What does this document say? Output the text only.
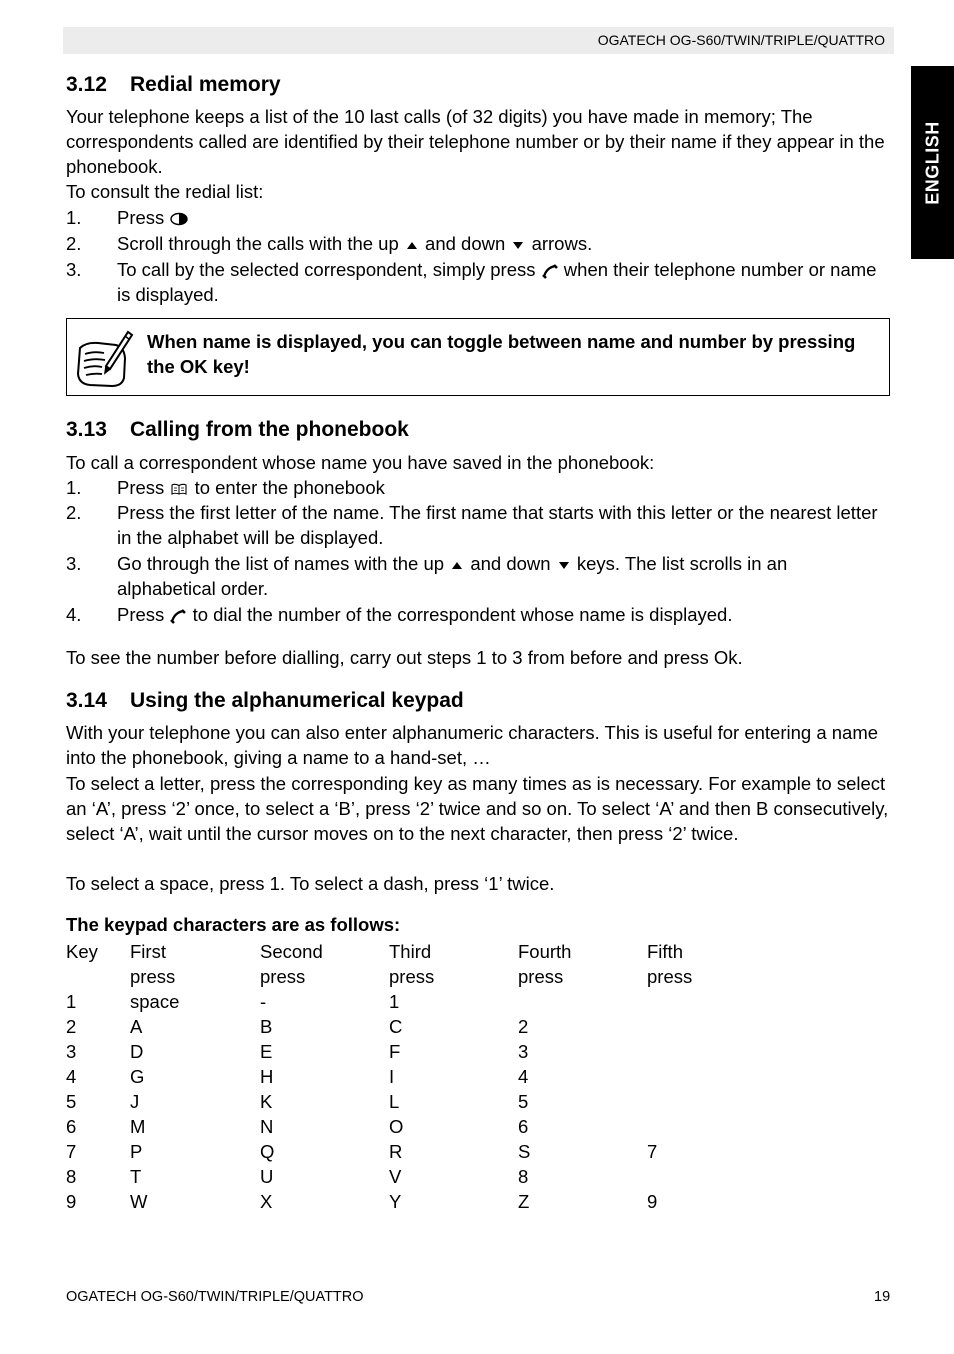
OGATECH OG-S60/TWIN/TRIPLE/QUATTRO
ENGLISH
3.12 Redial memory

Your telephone keeps a list of the 10 last calls (of 32 digits) you have made in memory; The correspondents called are identified by their telephone number or by their name if they appear in the phonebook.

To consult the redial list:

1. Press
2. Scroll through the calls with the up and down arrows.
3. To call by the selected correspondent, simply press when their telephone number or name is displayed.
3.13 Calling from the phonebook

To call a correspondent whose name you have saved in the phonebook:

1. Press to enter the phonebook
2. Press the first letter of the name. The first name that starts with this letter or the nearest letter in the alphabet will be displayed.
3. Go through the list of names with the up and down keys. The list scrolls in an alphabetical order.
4. Press to dial the number of the correspondent whose name is displayed.

To see the number before dialling, carry out steps 1 to 3 from before and press Ok.

3.14 Using the alphanumerical keypad

With your telephone you can also enter alphanumeric characters. This is useful for entering a name into the phonebook, giving a name to a hand-set, …

To select a letter, press the corresponding key as many times as is necessary. For example to select an ‘A’, press ‘2’ once, to select a ‘B’, press ‘2’ twice and so on. To select ‘A’ and then B consecutively, select ‘A’, wait until the cursor moves on to the next character, then press ‘2’ twice.

To select a space, press 1. To select a dash, press ‘1’ twice.

The keypad characters are as follows:
Key First	Second	Third	Fourth	Fifth
press	press	press	press	press
1	space	-	1
2	A	B	C	2
3	D	E	F	3
4	G	H	I	4
5	J	K	L	5
6	M	N	O	6
7	P	Q	R	S	7
8	T	U	V	8
9	W	X	Y	Z	9
When name is displayed, you can toggle between name and number by pressing the OK key!
OGATECH OG-S60/TWIN/TRIPLE/QUATTRO	19
